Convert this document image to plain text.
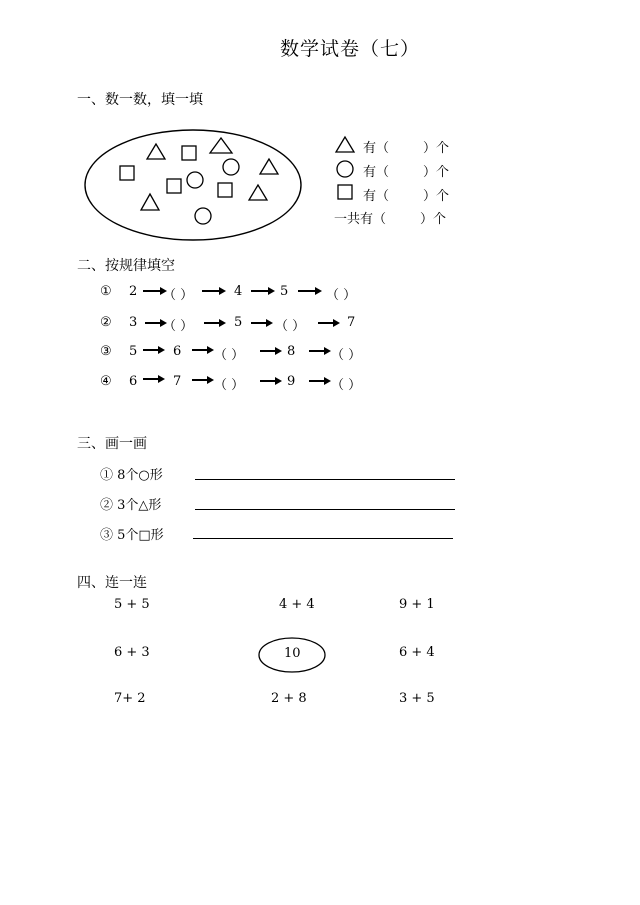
数学试卷（七）
一、数一数，填一填
有（	）个
有（	）个
有（	）个
一共有（	）个
二、按规律填空
① 2 （ ）	4	5	（ ）
② 3 （ ）	5	（ ）	7
③ 5	6	（ ）	8	（ ）
④ 6	7	（ ）	9	（ ）
三、画一画
① 8个○形
② 3个△形
③ 5个□形
四、连一连
5 + 5	4 + 4	9 + 1
6 + 3	10	6 + 4
7+ 2	2 + 8	3 + 5
